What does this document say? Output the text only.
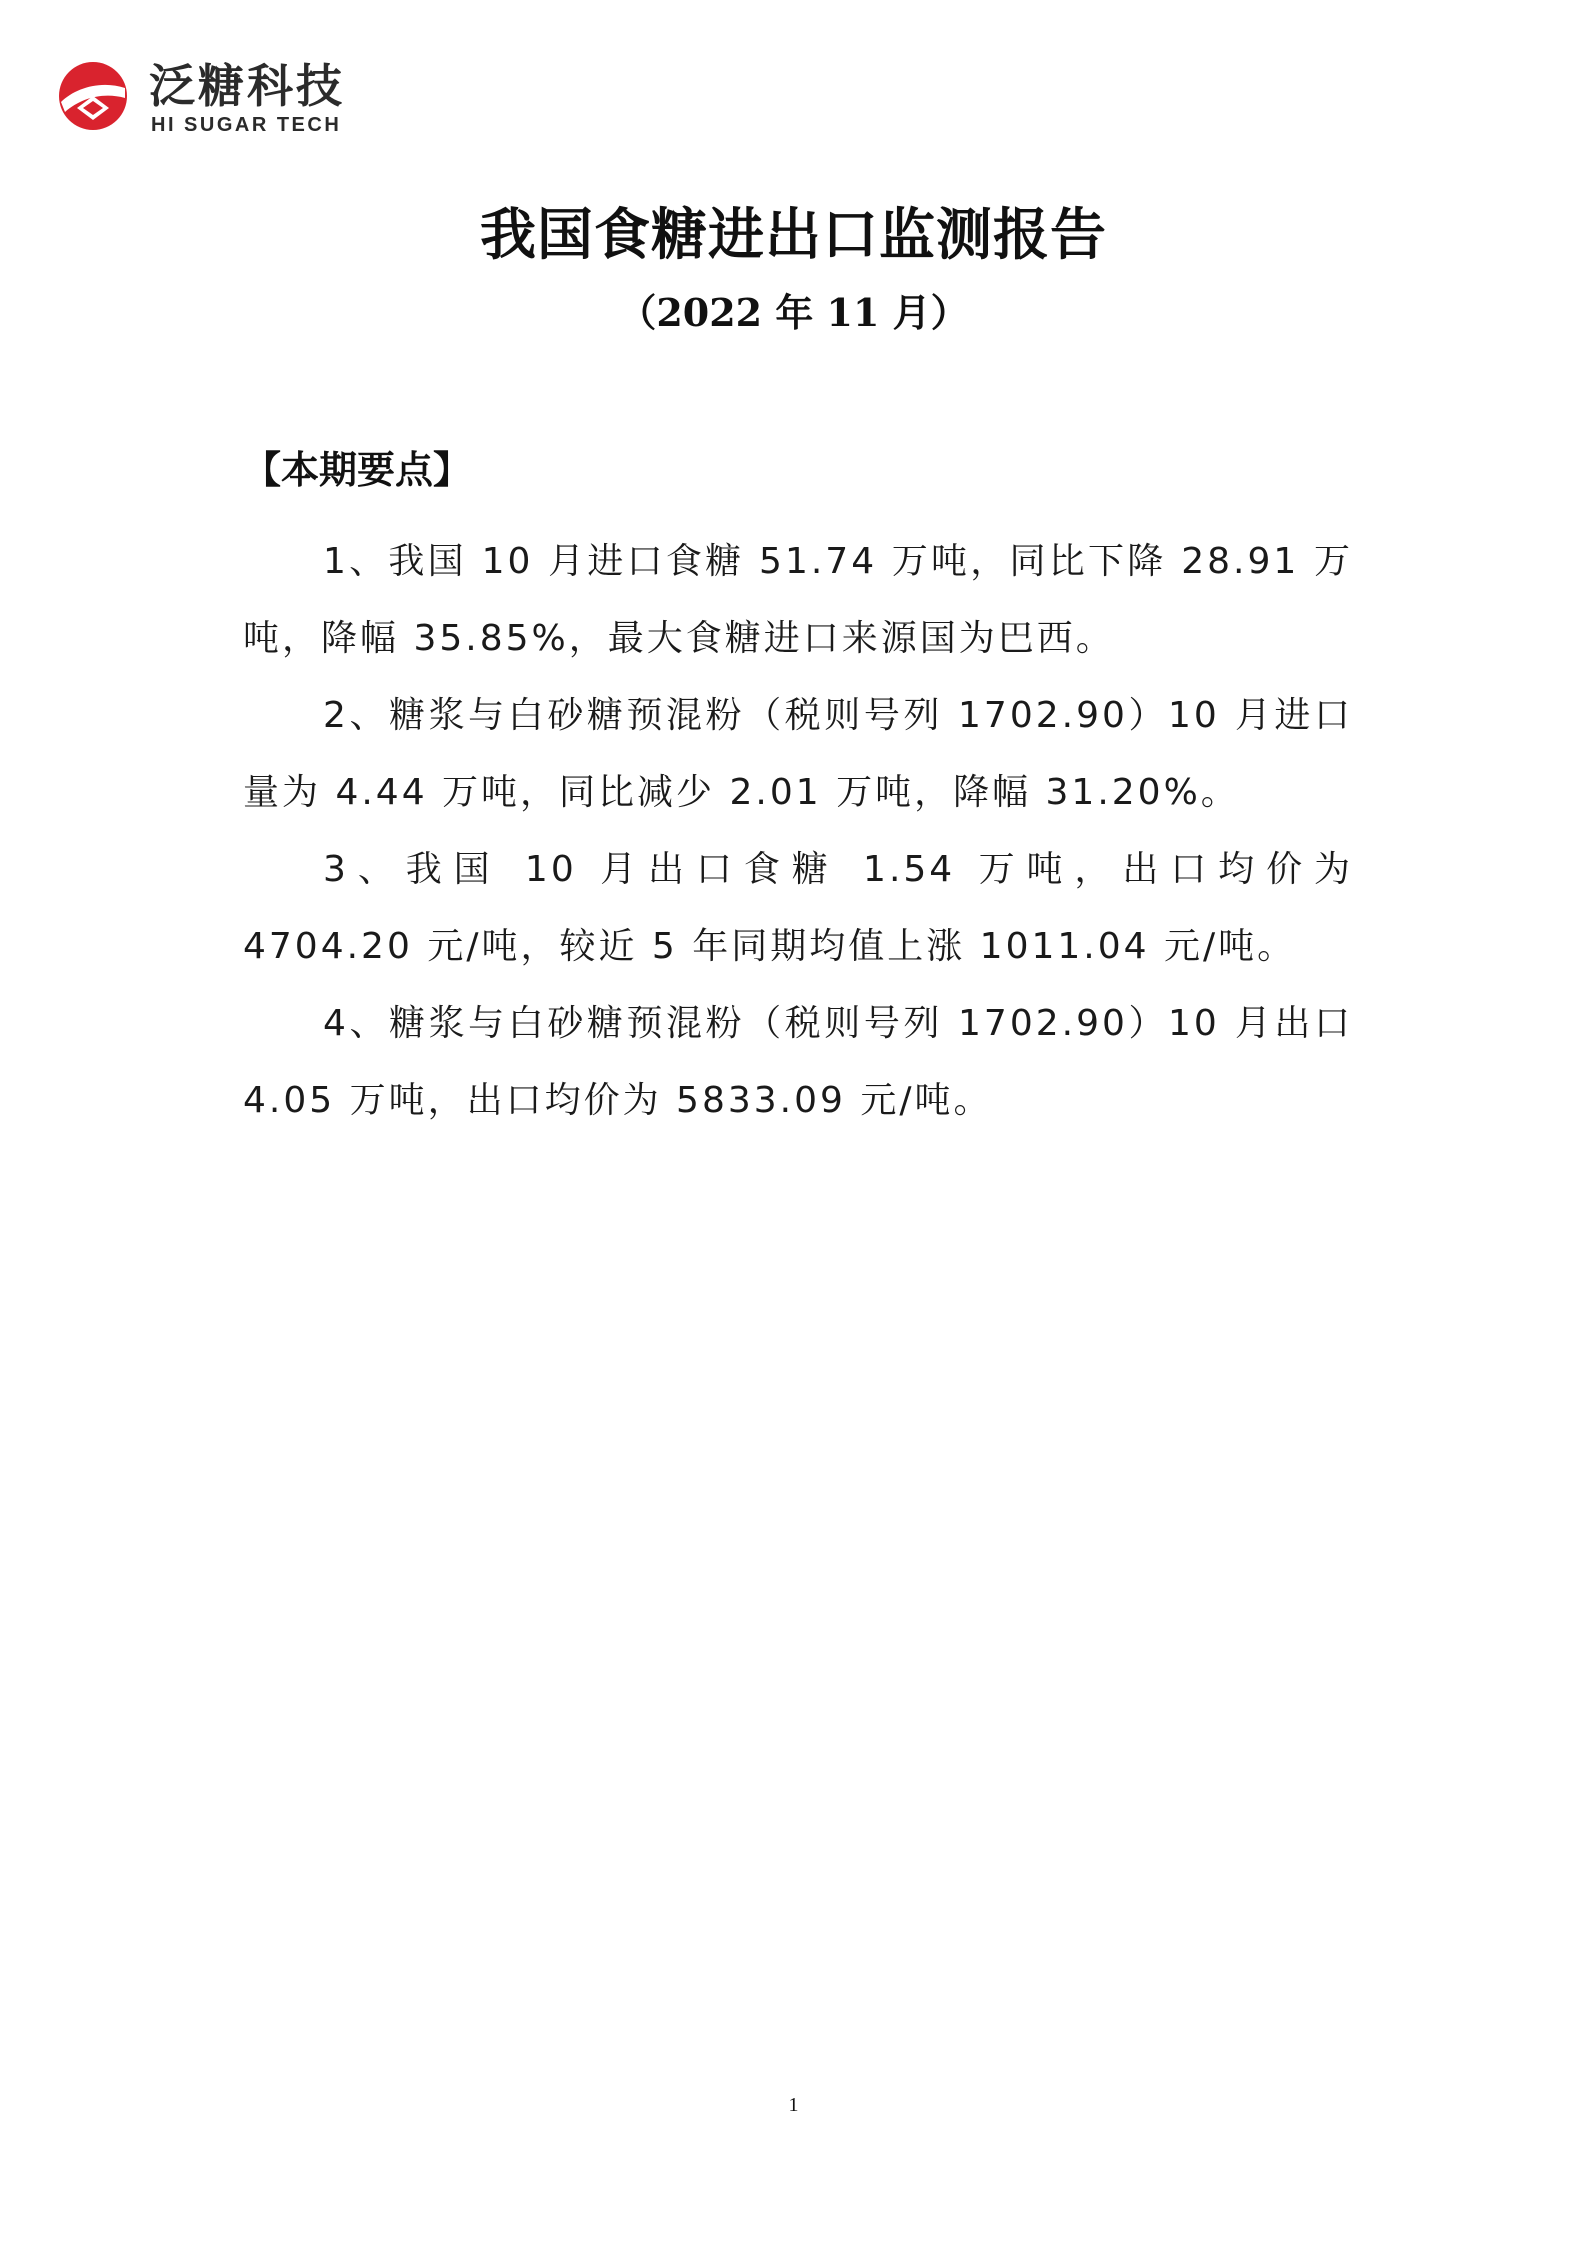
泛糖科技
HI SUGAR TECH
我国食糖进出口监测报告
（2022 年 11 月）
【本期要点】

1、我国 10 月进口食糖 51.74 万吨，同比下降 28.91 万吨，降幅 35.85%，最大食糖进口来源国为巴西。

2、糖浆与白砂糖预混粉（税则号列 1702.90）10 月进口量为 4.44 万吨，同比减少 2.01 万吨，降幅 31.20%。

3、我国 10 月出口食糖 1.54 万吨，出口均价为 4704.20 元/吨，较近 5 年同期均值上涨 1011.04 元/吨。

4、糖浆与白砂糖预混粉（税则号列 1702.90）10 月出口 4.05 万吨，出口均价为 5833.09 元/吨。

1
